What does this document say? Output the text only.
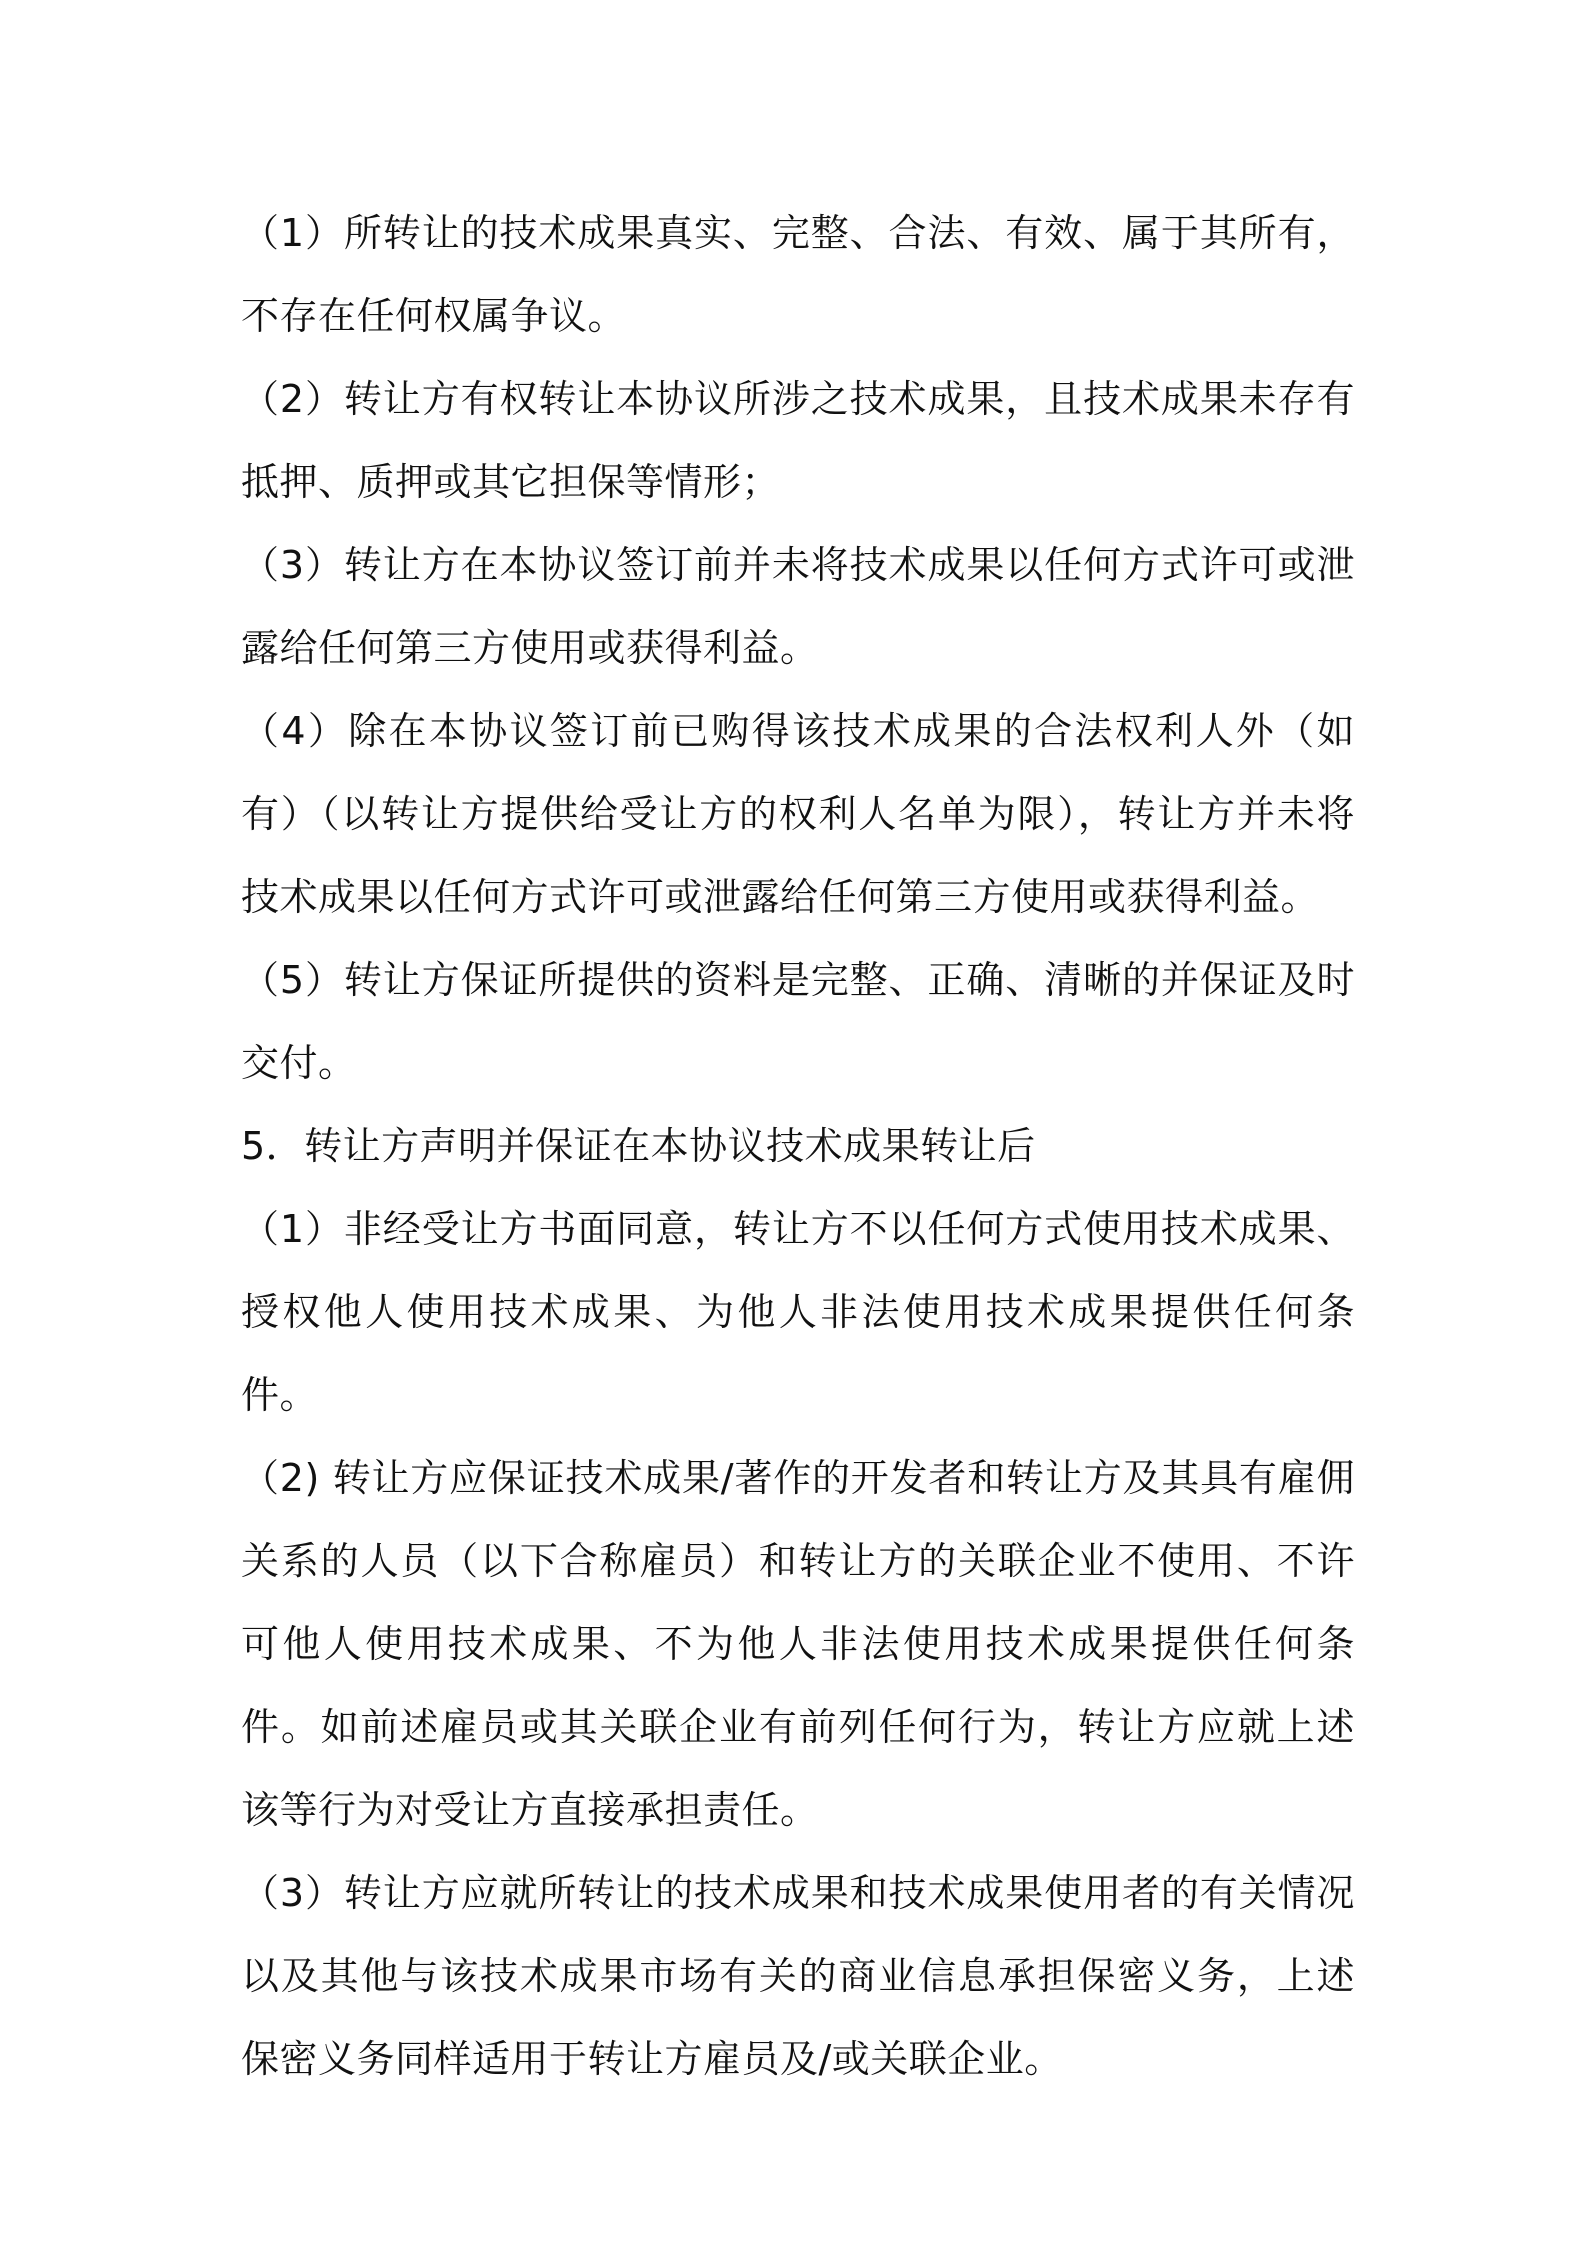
（1）所转让的技术成果真实、完整、合法、有效、属于其所有，不存在任何权属争议。

（2）转让方有权转让本协议所涉之技术成果，且技术成果未存有抵押、质押或其它担保等情形；

（3）转让方在本协议签订前并未将技术成果以任何方式许可或泄露给任何第三方使用或获得利益。

（4）除在本协议签订前已购得该技术成果的合法权利人外（如有）（以转让方提供给受让方的权利人名单为限），转让方并未将技术成果以任何方式许可或泄露给任何第三方使用或获得利益。

（5）转让方保证所提供的资料是完整、正确、清晰的并保证及时交付。

5．转让方声明并保证在本协议技术成果转让后

（1）非经受让方书面同意，转让方不以任何方式使用技术成果、授权他人使用技术成果、为他人非法使用技术成果提供任何条件。

（2) 转让方应保证技术成果/著作的开发者和转让方及其具有雇佣关系的人员（以下合称雇员）和转让方的关联企业不使用、不许可他人使用技术成果、不为他人非法使用技术成果提供任何条件。如前述雇员或其关联企业有前列任何行为，转让方应就上述该等行为对受让方直接承担责任。

（3）转让方应就所转让的技术成果和技术成果使用者的有关情况以及其他与该技术成果市场有关的商业信息承担保密义务，上述保密义务同样适用于转让方雇员及/或关联企业。
